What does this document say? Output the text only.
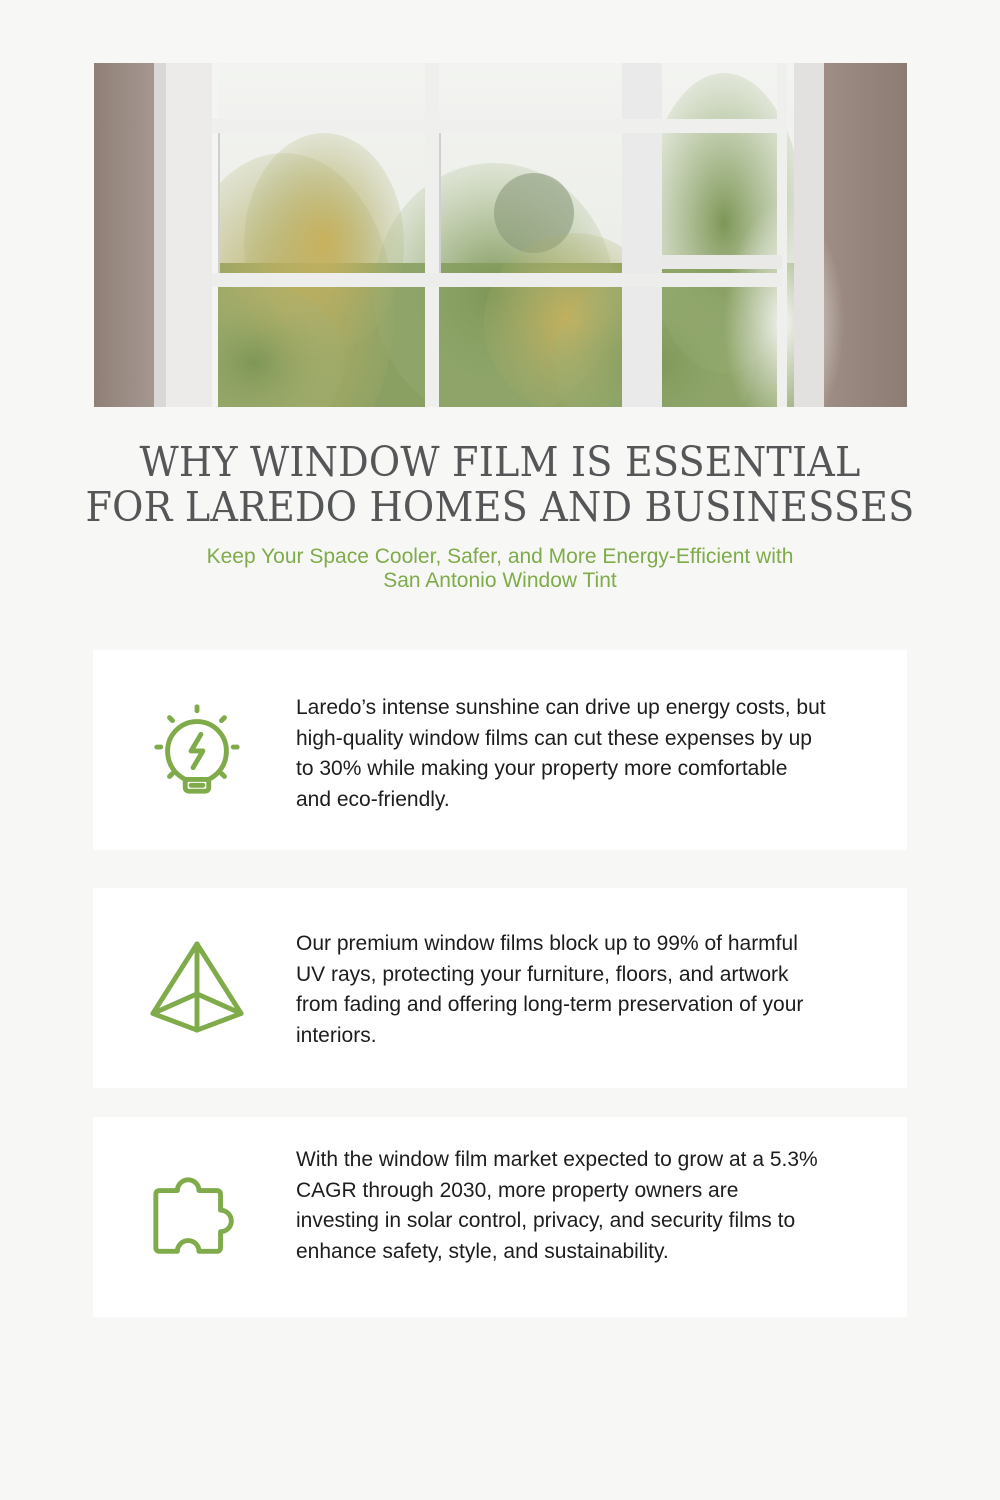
WHY WINDOW FILM IS ESSENTIAL
FOR LAREDO HOMES AND BUSINESSES
Keep Your Space Cooler, Safer, and More Energy-Efficient with
San Antonio Window Tint
Laredo’s intense sunshine can drive up energy costs, but high-quality window films can cut these expenses by up to 30% while making your property more comfortable and eco-friendly.
Our premium window films block up to 99% of harmful UV rays, protecting your furniture, floors, and artwork from fading and offering long-term preservation of your interiors.
With the window film market expected to grow at a 5.3% CAGR through 2030, more property owners are investing in solar control, privacy, and security films to enhance safety, style, and sustainability.
